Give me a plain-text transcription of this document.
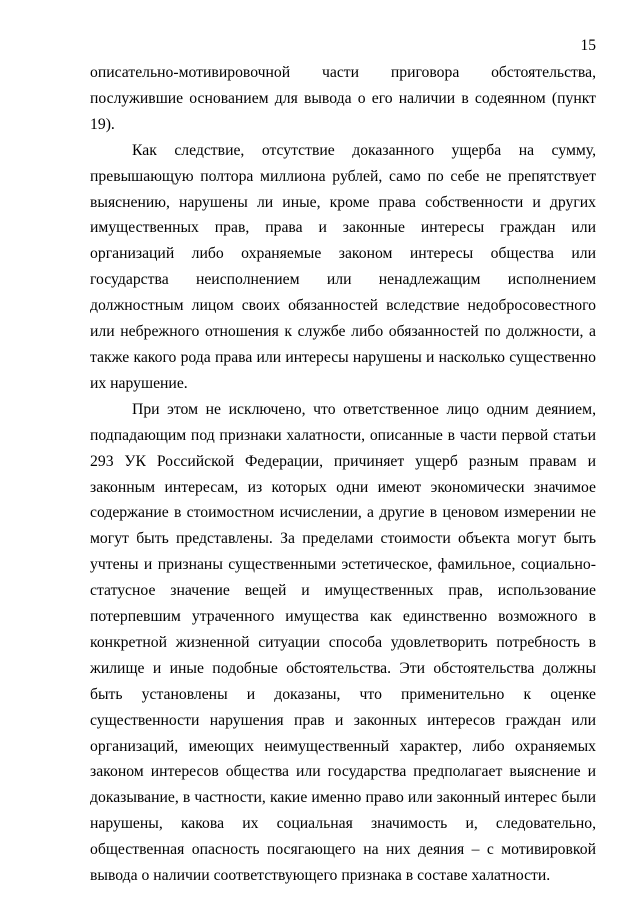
15

описательно-мотивировочной части приговора обстоятельства, послужившие основанием для вывода о его наличии в содеянном (пункт 19).

Как следствие, отсутствие доказанного ущерба на сумму, превышающую полтора миллиона рублей, само по себе не препятствует выяснению, нарушены ли иные, кроме права собственности и других имущественных прав, права и законные интересы граждан или организаций либо охраняемые законом интересы общества или государства неисполнением или ненадлежащим исполнением должностным лицом своих обязанностей вследствие недобросовестного или небрежного отношения к службе либо обязанностей по должности, а также какого рода права или интересы нарушены и насколько существенно их нарушение.

При этом не исключено, что ответственное лицо одним деянием, подпадающим под признаки халатности, описанные в части первой статьи 293 УК Российской Федерации, причиняет ущерб разным правам и законным интересам, из которых одни имеют экономически значимое содержание в стоимостном исчислении, а другие в ценовом измерении не могут быть представлены. За пределами стоимости объекта могут быть учтены и признаны существенными эстетическое, фамильное, социально-статусное значение вещей и имущественных прав, использование потерпевшим утраченного имущества как единственно возможного в конкретной жизненной ситуации способа удовлетворить потребность в жилище и иные подобные обстоятельства. Эти обстоятельства должны быть установлены и доказаны, что применительно к оценке существенности нарушения прав и законных интересов граждан или организаций, имеющих неимущественный характер, либо охраняемых законом интересов общества или государства предполагает выяснение и доказывание, в частности, какие именно право или законный интерес были нарушены, какова их социальная значимость и, следовательно, общественная опасность посягающего на них деяния – с мотивировкой вывода о наличии соответствующего признака в составе халатности.
